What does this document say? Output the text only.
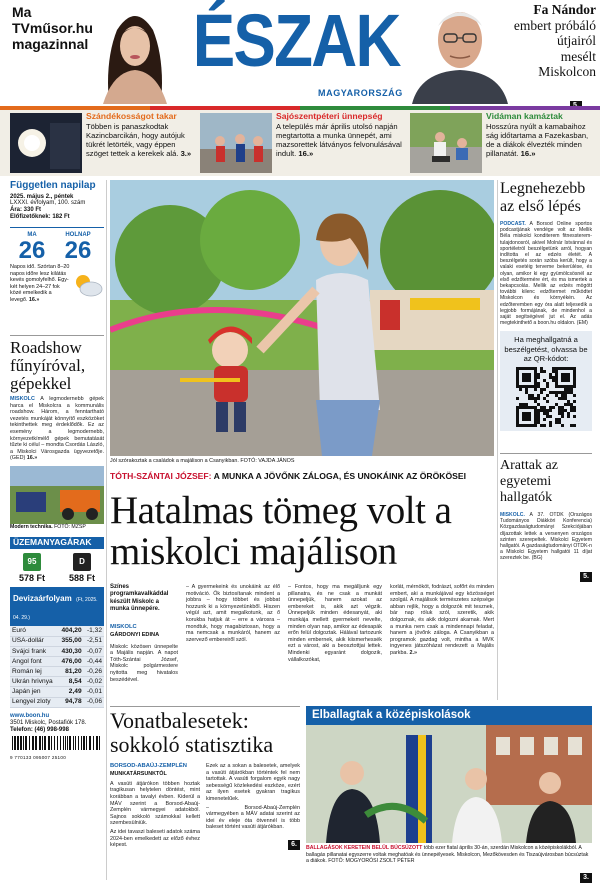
Ma
TVműsor.hu
magazinnal ÉSZAK
MAGYARORSZÁG
Fa Nándor
embert próbáló
útjairól
mesélt
Miskolcon
Szándékosságot takar
Többen is panaszkodtak Kazincbarcikán, hogy autójuk tükrét letörték, vagy éppen szöget tettek a kerekek alá. 3.»
Sajószentpéteri ünnepség
A település már április utolsó napján megtartotta a munka ünnepét, ami mazsorettek látványos felvonulásával indult. 16.»
Vidáman kamáztak
Hosszúra nyúlt a kamabaihoz ság időtartama a Fazekasban, de a diákok élvezték minden pillanatát. 16.»
Független napilap
2025. május 2., péntek
LXXXI. évfolyam, 100. szám
Ára: 330 Ft
Előfizetőknek: 182 Ft
MA
26
HOLNAP
26
Napos idő. Szórtan 8–20 napos időre lesz kilátás kevés gomolyfelhő. Egy-két helyen 24–27 fok közé emelkedik a levegő. 16.»
Roadshow fűnyíróval, gépekkel
MISKOLC A legmodernebb gépek harca el Miskolcra a kommunális roadshow. Három, a fenntartható vezetés munkáját könnyítő eszközöket tekinthettek meg érdeklődők. Ez az esemény a legmodernebb, környezetkímélő gépek bemutatását tűzte ki célul – mondta Csordás László, a Miskolci Városgazda ügyvezetője. (GED) 16.»
Modern technika. FOTÓ: MZSP
ÜZEMANYAGÁRAK
95
578 Ft
D
588 Ft
Devizaárfolyam (Ft, 2025. 04. 29.)
Euró	404,20	-1,32
USA-dollár	355,00	-2,51
Svájci frank	430,30	-0,07
Angol font	476,00	-0,44
Román lej	81,20	-0,26
Ukrán hrivnya	8,54	-0,02
Japán jen	2,49	-0,01
Lengyel zloty	94,78	-0,06
www.boon.hu
3501 Miskolc, Postafiók 178.
Telefon: (46) 998-998
9 770133 095007 25100
Jól szórakoztak a családok a majálison a Csanyikban. FOTÓ: VAJDA JÁNOS
TÓTH-SZÁNTAI JÓZSEF: A MUNKA A JÖVŐNK ZÁLOGA, ÉS UNOKÁINK AZ ÖRÖKÖSEI
Hatalmas tömeg volt a miskolci majálison
Színes programkavalkáddal készült Miskolc a munka ünnepére.
MISKOLC
GÁRDONYI EDINA
Miskolc közösen ünnepelte a Majális napján. A napot Tóth-Szántai József, Miskolc polgármestere nyitotta meg hivatalos beszédével.
– A gyermekeink és unokáink az élő motiváció. Ők biztosítanak mindent a jobbra – hogy többet és jobbat hozzunk ki a környezetünkből. Hiszen végül azt, amit megalkotunk, az ő korukba hatjuk át – erre a városra – mondtuk, hogy magabiztosan, hogy a ma nemcsak a munkáról, hanem az szervező embereiről szól.
– Fontos, hogy ma megálljunk egy pillanatra, és ne csak a munkát ünnepeljük, hanem azokat az embereket is, akik azt végzik. Ünnepeljük minden édesanyát, aki munkája mellett gyermekeit nevelte, minden olyan nap, amikor az édesapák erőn felül dolgoztak. Hálával tartozunk minden embernek, akik kiismerhessék ezt a várost, aki a beosztottjai lettek. Mindenki egyaránt dolgozik, vállalkozókat,
korlát, mérnököt, fodrászt, sofőrt és minden embert, aki a munkájával egy közösséget szolgál. A majálisok természetes szépsége abban rejlik, hogy a dolgozók mit tesznek, bár nap róluk szól, szeretik, akik dolgoznak, és akik dolgozni akarnak. Mert a munka nem csak a mindennapi feladat, hanem a jövőnk záloga. A Csanyikban a programok gazdag volt, mintha a MVK ingyenes játszóházat rendezett a Majális parkba. 2.»
Legnehezebb az első lépés
PODCAST. A Borsod Online sportos podcastjának vendége volt az Mellik Béla miskolci konditerem fitnessterem-tulajdonosról, akivel Molnár Istvánnal és sportéletról beszélgetünk arról, hogyan indította el az edzés életét. A beszélgetés során szóba került, hogy a valaki esetéig terveme bekerülése, és olyan, amikor ki egy gyümölcsösnél az első edzőtermére ért, és ma ismertek a bekapcsolás. Mellik az edzés mögött további kilenc edzőtermet működtet Miskolcon és környékén. Az edzőteremben egy óra alatt teljesedik a legjobb formájának, de mindenhol a saját segítségével jut el. Az adás megtekinthető a boon.hu oldalon. (EM)
Ha meghallgatná a beszélgetést, olvassa be az QR-kódot:
Arattak az egyetemi hallgatók
MISKOLC. A 37. OTDK (Országos Tudományos Diákköri Konferencia) Közgazdaságtudományi Szekciójában díjazottak lettek a versenyen országos szinten szerepeltek. Miskolci Egyetem hallgatói. A gazdaságtudományi OTDK-n a Miskolci Egyetem hallgatói 11 díjat szereztek be. (BG)
5.
Vonatbalesetek: sokkoló statisztika
BORSOD-ABAÚJ-ZEMPLÉN
MUNKATÁRSUNKTÓL
A vasúti átjárókon többen hoztak tragikusan helytelen döntést, mint korábban a tavalyi évben. Kiderül a MÁV szerint a Borsod-Abaúj-Zemplén vármegyei adatokból. Sajnos sokkoló számokkal kellett szembesülniük.
Az idei tavaszi baleseti adatok száma 2024-ben emelkedett az előző évhez képest.
Ezek az a sokan a balesetek, amelyek a vasúti átjárókban történtek fel nem tartottak. A vasúti forgalom egyik nagy sebességű közlekedési eszköze, ezért az ilyen esetek gyakran tragikus kimenetelűek.
– Borsod-Abaúj-Zemplén vármegyében a MÁV adatai szerint az idei év eleje óta ötvennél is több baleset történt vasúti átjárókban.
6.
Elballagtak a középiskolások
BALLAGÁSOK KERETEIN BELÜL BÚCSÚZOTT több ezer fiatal április 30-án, szerdán Miskolcon a középiskolákból. A ballagás pillanatai egyszerre voltak meghatóak és ünnepélyesek. Miskolcon, Mezőkövesden és Tiszaújvárosban búcsúztak a diákok. FOTÓ: MOGYORÓSI ZSOLT PÉTER
3.
